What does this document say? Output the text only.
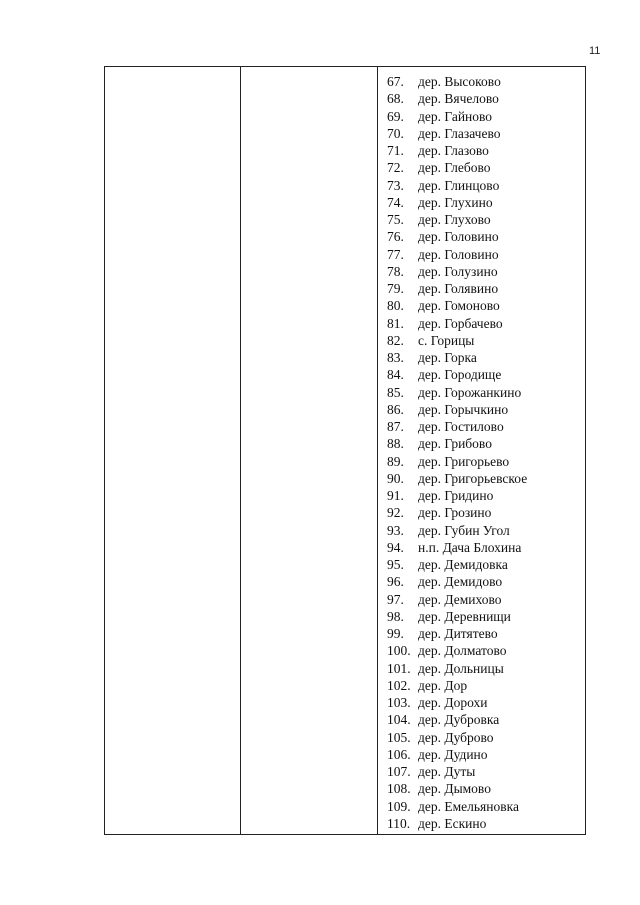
11
67.	дер. Высоково
68.	дер. Вячелово
69.	дер. Гайново
70.	дер. Глазачево
71.	дер. Глазово
72.	дер. Глебово
73.	дер. Глинцово
74.	дер. Глухино
75.	дер. Глухово
76.	дер. Головино
77.	дер. Головино
78.	дер. Голузино
79.	дер. Голявино
80.	дер. Гомоново
81.	дер. Горбачево
82.	с. Горицы
83.	дер. Горка
84.	дер. Городище
85.	дер. Горожанкино
86.	дер. Горычкино
87.	дер. Гостилово
88.	дер. Грибово
89.	дер. Григорьево
90.	дер. Григорьевское
91.	дер. Гридино
92.	дер. Грозино
93.	дер. Губин Угол
94.	н.п. Дача Блохина
95.	дер. Демидовка
96.	дер. Демидово
97.	дер. Демихово
98.	дер. Деревнищи
99.	дер. Дитятево
100. дер. Долматово
101. дер. Дольницы
102. дер. Дор
103. дер. Дорохи
104. дер. Дубровка
105. дер. Дуброво
106. дер. Дудино
107. дер. Дуты
108. дер. Дымово
109. дер. Емельяновка
110. дер. Ескино
